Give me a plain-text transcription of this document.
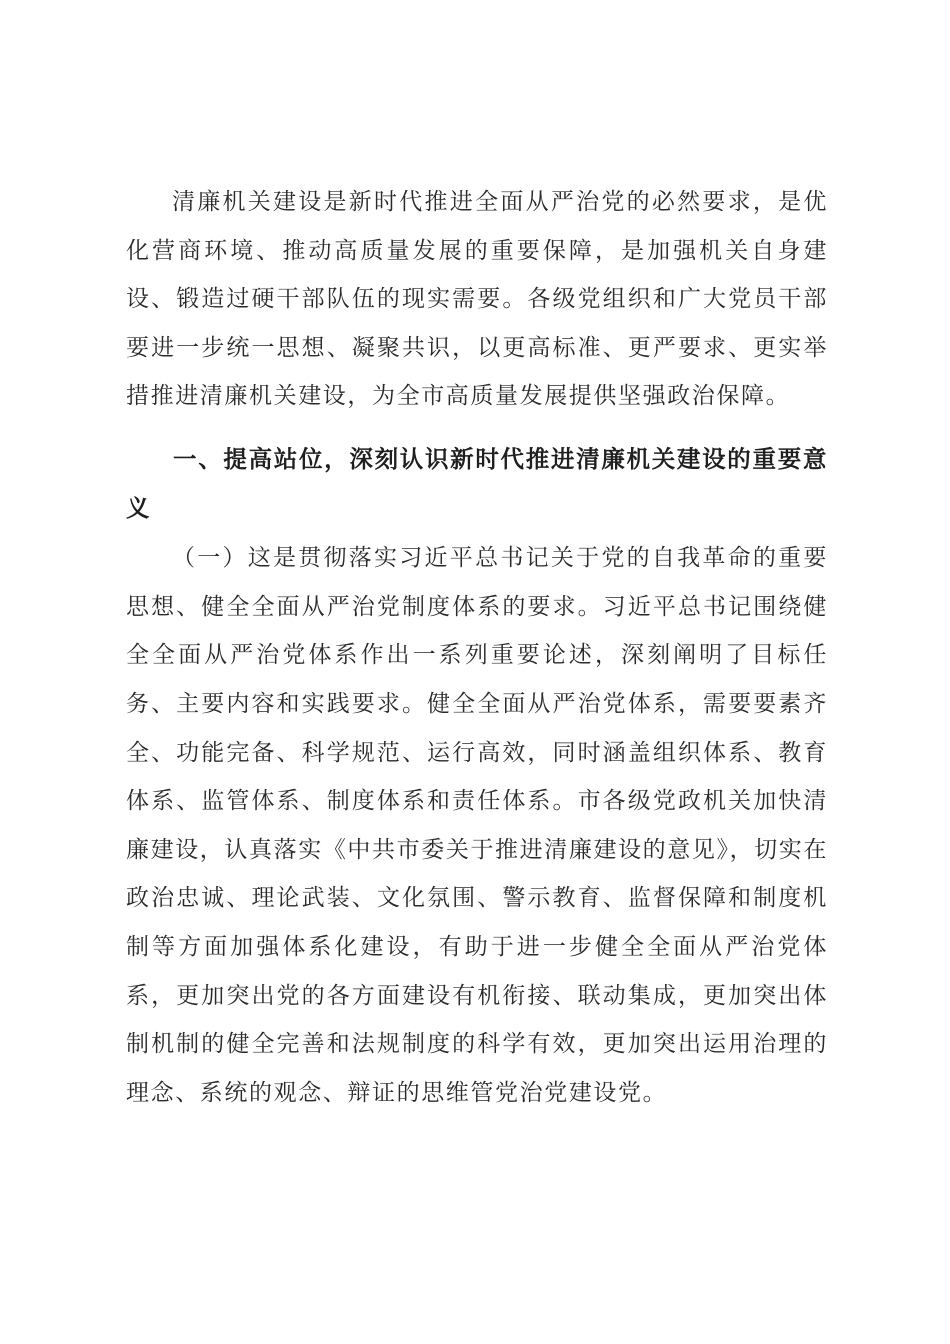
清廉机关建设是新时代推进全面从严治党的必然要求，是优化营商环境、推动高质量发展的重要保障，是加强机关自身建设、锻造过硬干部队伍的现实需要。各级党组织和广大党员干部要进一步统一思想、凝聚共识，以更高标准、更严要求、更实举措推进清廉机关建设，为全市高质量发展提供坚强政治保障。

一、提高站位，深刻认识新时代推进清廉机关建设的重要意义

（一）这是贯彻落实习近平总书记关于党的自我革命的重要思想、健全全面从严治党制度体系的要求。习近平总书记围绕健全全面从严治党体系作出一系列重要论述，深刻阐明了目标任务、主要内容和实践要求。健全全面从严治党体系，需要要素齐全、功能完备、科学规范、运行高效，同时涵盖组织体系、教育体系、监管体系、制度体系和责任体系。市各级党政机关加快清廉建设，认真落实《中共市委关于推进清廉建设的意见》，切实在政治忠诚、理论武装、文化氛围、警示教育、监督保障和制度机制等方面加强体系化建设，有助于进一步健全全面从严治党体系，更加突出党的各方面建设有机衔接、联动集成，更加突出体制机制的健全完善和法规制度的科学有效，更加突出运用治理的理念、系统的观念、辩证的思维管党治党建设党。
